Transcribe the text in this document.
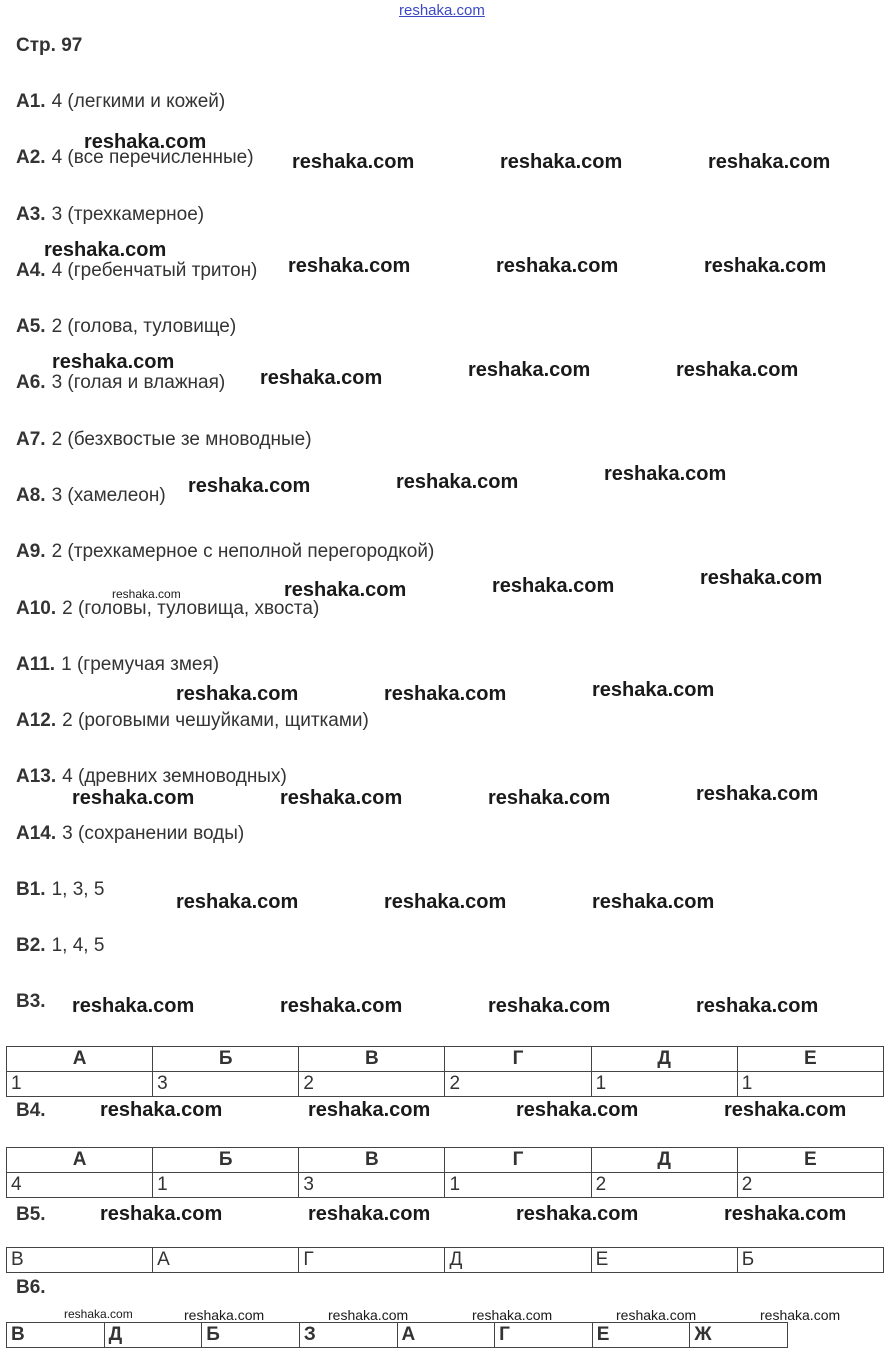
reshaka.com
Стр. 97
A1. 4 (легкими и кожей)
A2. 4 (все перечисленные)
A3. 3 (трехкамерное)
A4. 4 (гребенчатый тритон)
A5. 2 (голова, туловище)
A6. 3 (голая и влажная)
A7. 2 (безхвостые зе мноводные)
A8. 3 (хамелеон)
A9. 2 (трехкамерное с неполной перегородкой)
A10. 2 (головы, туловища, хвоста)
A11. 1 (гремучая змея)
A12. 2 (роговыми чешуйками, щитками)
A13. 4 (древних земноводных)
A14. 3 (сохранении воды)
B1. 1, 3, 5
B2. 1, 4, 5
B3.
B4.
B5.
B6.
А	Б	В	Г	Д	Е
1	3	2	2	1	1
А	Б	В	Г	Д	Е
4	1	3	1	2	2
В	А	Г	Д	Е	Б
В	Д	Б	З	А	Г	Е	Ж
reshaka.com
reshaka.com	reshaka.com	reshaka.com
reshaka.com
reshaka.com	reshaka.com	reshaka.com
reshaka.com
reshaka.com	reshaka.com	reshaka.com
reshaka.com	reshaka.com	reshaka.com
reshaka.com	reshaka.com	reshaka.com	reshaka.com
reshaka.com	reshaka.com	reshaka.com
reshaka.com	reshaka.com	reshaka.com	reshaka.com
reshaka.com	reshaka.com	reshaka.com
reshaka.com	reshaka.com	reshaka.com	reshaka.com
reshaka.com	reshaka.com	reshaka.com	reshaka.com
reshaka.com	reshaka.com	reshaka.com	reshaka.com
reshaka.com	reshaka.com	reshaka.com	reshaka.com	reshaka.com	reshaka.com
